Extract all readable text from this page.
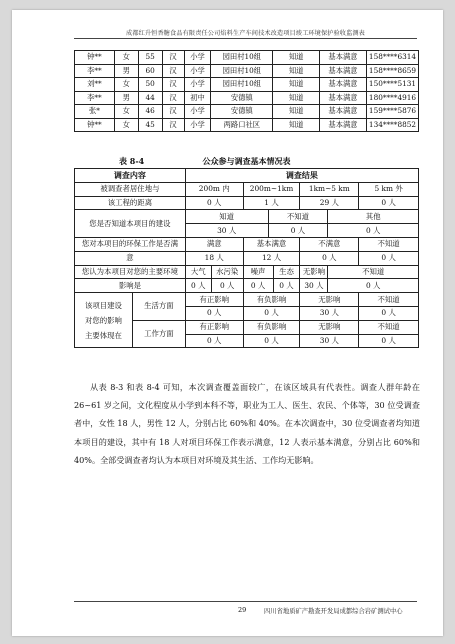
成都红升恒香糖食品有限责任公司焰料生产车间技术改造项目竣工环境保护验收监测表
钟**	女	55	汉	小学	园田村10组	知道	基本满意	158****6314
李**	男	60	汉	小学	园田村10组	知道	基本满意	158****8659
刘**	女	50	汉	小学	园田村10组	知道	基本满意	150****5131
李**	男	44	汉	初中	安德镇	知道	基本满意	180****4916
张*	女	46	汉	小学	安德镇	知道	基本满意	159****5876
钟**	女	45	汉	小学	两路口社区	知道	基本满意	134****8852
表 8-4	公众参与调查基本情况表
调查内容		调查结果							
被调查者居住地与		200m 内		200m~1km			1km~5 km		5 km 外
该工程的距离		0 人		1 人			29 人		0 人
您是否知道本项目的建设		知道			不知道			其他	
		30 人			0 人			0 人	
您对本项目的环保工作是否满		满意		基本满意			不满意		不知道
意		18 人		12 人			0 人		0 人
您认为本项目对您的主要环境		大气	水污染	噪声		生态	无影响	不知道	
影响是		0 人	0 人	0 人		0 人	30 人	0 人	
该项目建设
对您的影响
主要体现在	生活方面	有正影响		有负影响			无影响		不知道
		0 人		0 人			30 人		0 人
	工作方面	有正影响		有负影响			无影响		不知道
		0 人		0 人			30 人		0 人
从表 8-3 和表 8-4 可知，本次调查覆盖面较广，在该区域具有代表性。调查人群年龄在 26~61 岁之间，文化程度从小学到本科不等，职业为工人、医生、农民、个体等，30 位受调查者中，女性 18 人，男性 12 人，分别占比 60%和 40%。在本次调查中，30 位受调查者均知道本项目的建设，其中有 18 人对项目环保工作表示满意，12 人表示基本满意，分别占比 60%和 40%。全部受调查者均认为本项目对环境及其生活、工作均无影响。
29	四川省地质矿产勘查开发局成都综合岩矿测试中心
